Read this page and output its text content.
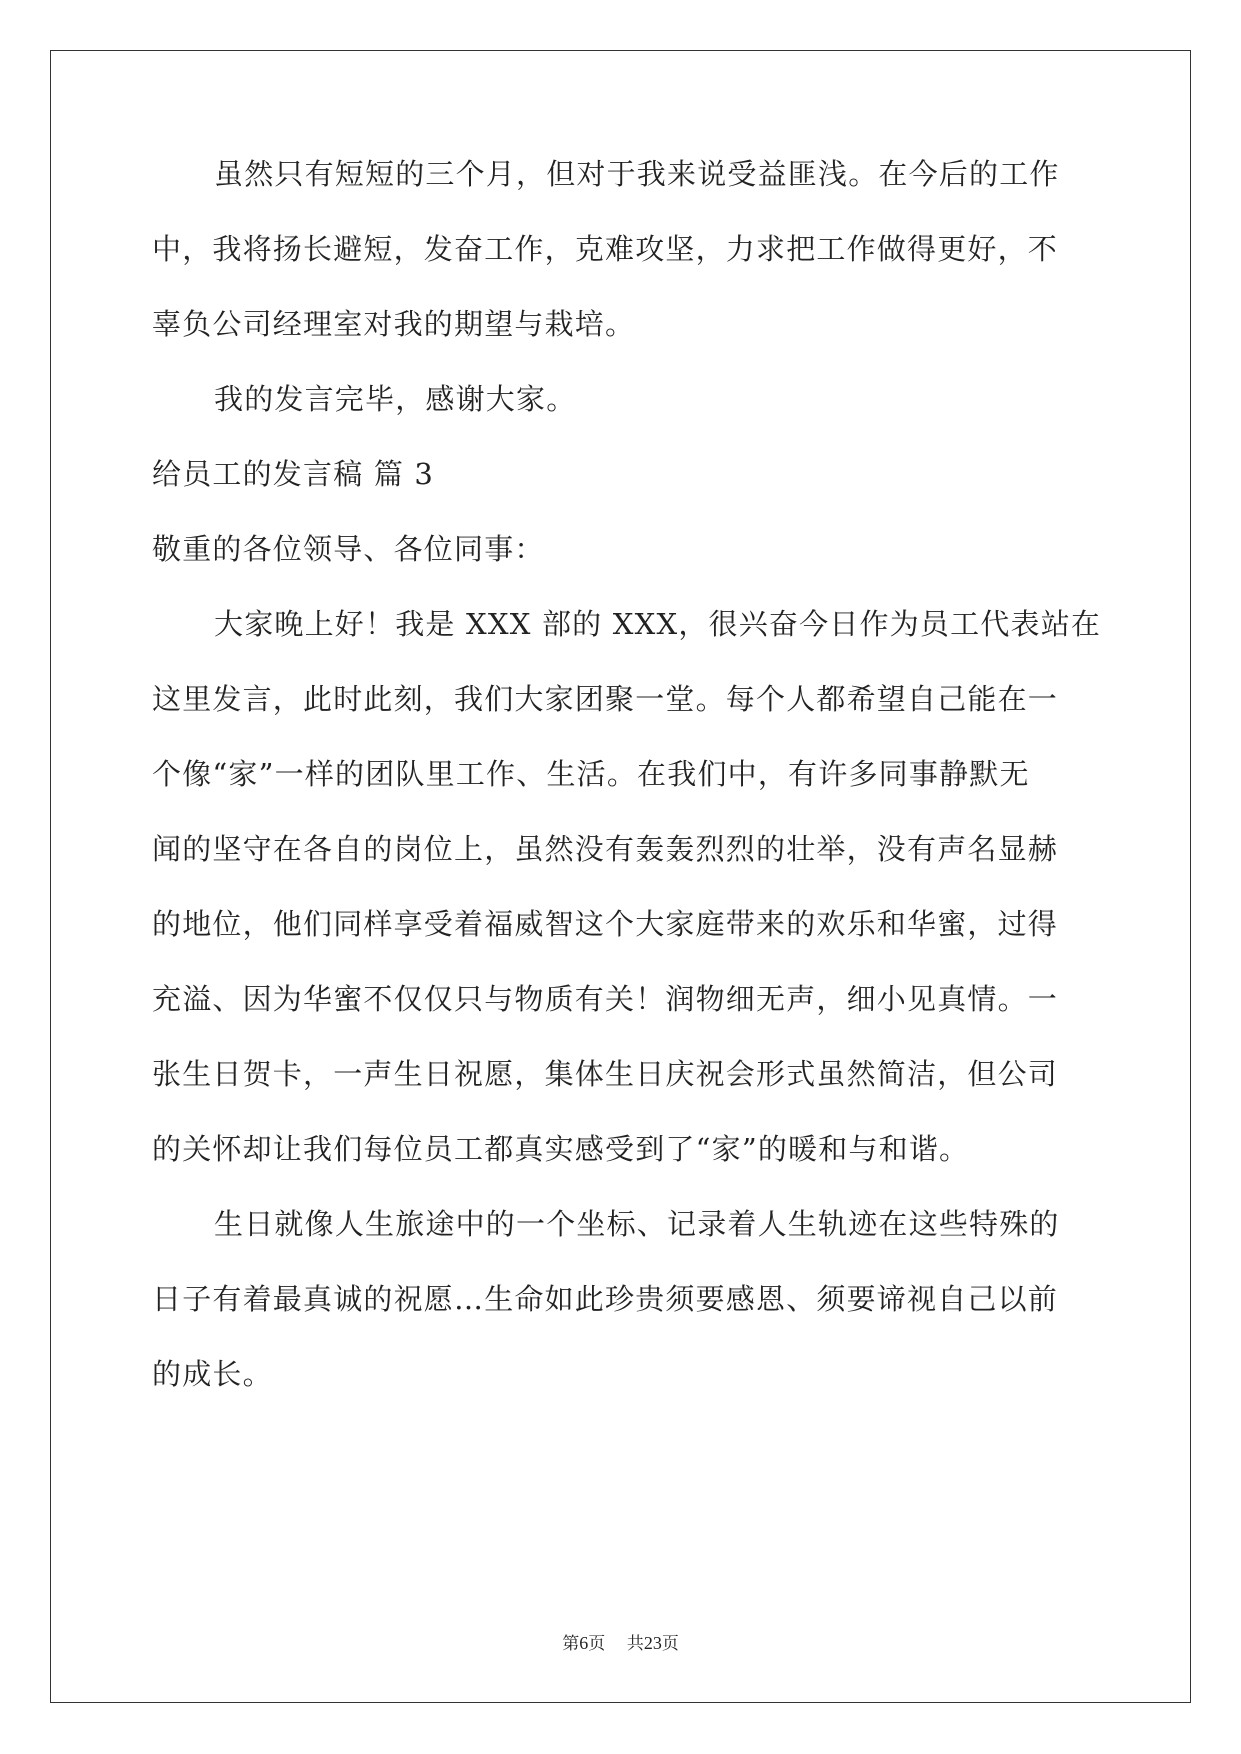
虽然只有短短的三个月，但对于我来说受益匪浅。在今后的工作
中，我将扬长避短，发奋工作，克难攻坚，力求把工作做得更好，不
辜负公司经理室对我的期望与栽培。
我的发言完毕，感谢大家。
给员工的发言稿 篇 3
敬重的各位领导、各位同事：
大家晚上好！我是 XXX 部的 XXX，很兴奋今日作为员工代表站在
这里发言，此时此刻，我们大家团聚一堂。每个人都希望自己能在一
个像“家”一样的团队里工作、生活。在我们中，有许多同事静默无
闻的坚守在各自的岗位上，虽然没有轰轰烈烈的壮举，没有声名显赫
的地位，他们同样享受着福威智这个大家庭带来的欢乐和华蜜，过得
充溢、因为华蜜不仅仅只与物质有关！润物细无声，细小见真情。一
张生日贺卡，一声生日祝愿，集体生日庆祝会形式虽然简洁，但公司
的关怀却让我们每位员工都真实感受到了“家”的暖和与和谐。
生日就像人生旅途中的一个坐标、记录着人生轨迹在这些特殊的
日子有着最真诚的祝愿…生命如此珍贵须要感恩、须要谛视自己以前
的成长。
第6页 共23页
